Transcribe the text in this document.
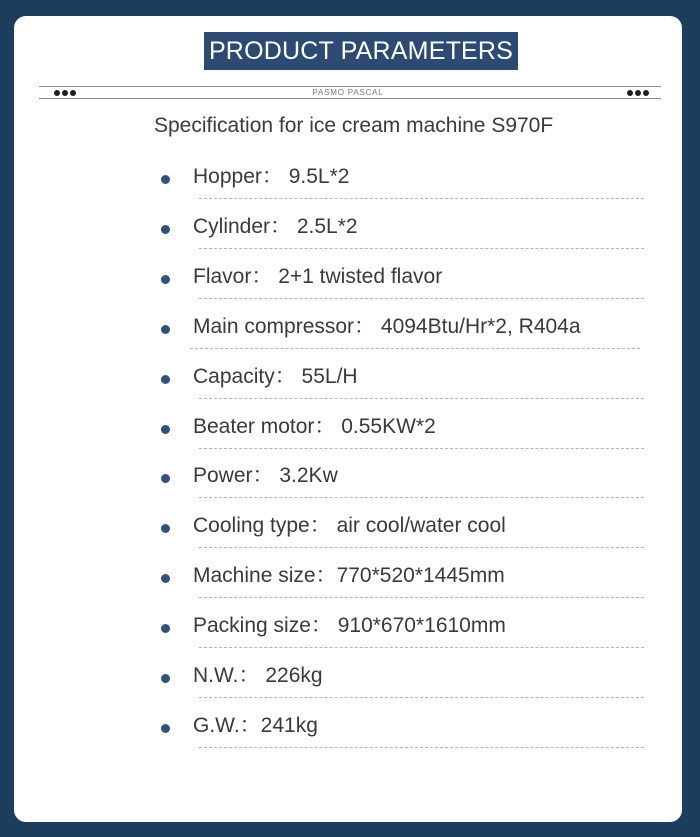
PRODUCT PARAMETERS
PASMO PASCAL
Specification for ice cream machine S970F
Hopper： 9.5L*2
Cylinder： 2.5L*2
Flavor： 2+1 twisted flavor
Main compressor： 4094Btu/Hr*2, R404a
Capacity： 55L/H
Beater motor： 0.55KW*2
Power： 3.2Kw
Cooling type： air cool/water cool
Machine size：770*520*1445mm
Packing size： 910*670*1610mm
N.W.： 226kg
G.W.：241kg
